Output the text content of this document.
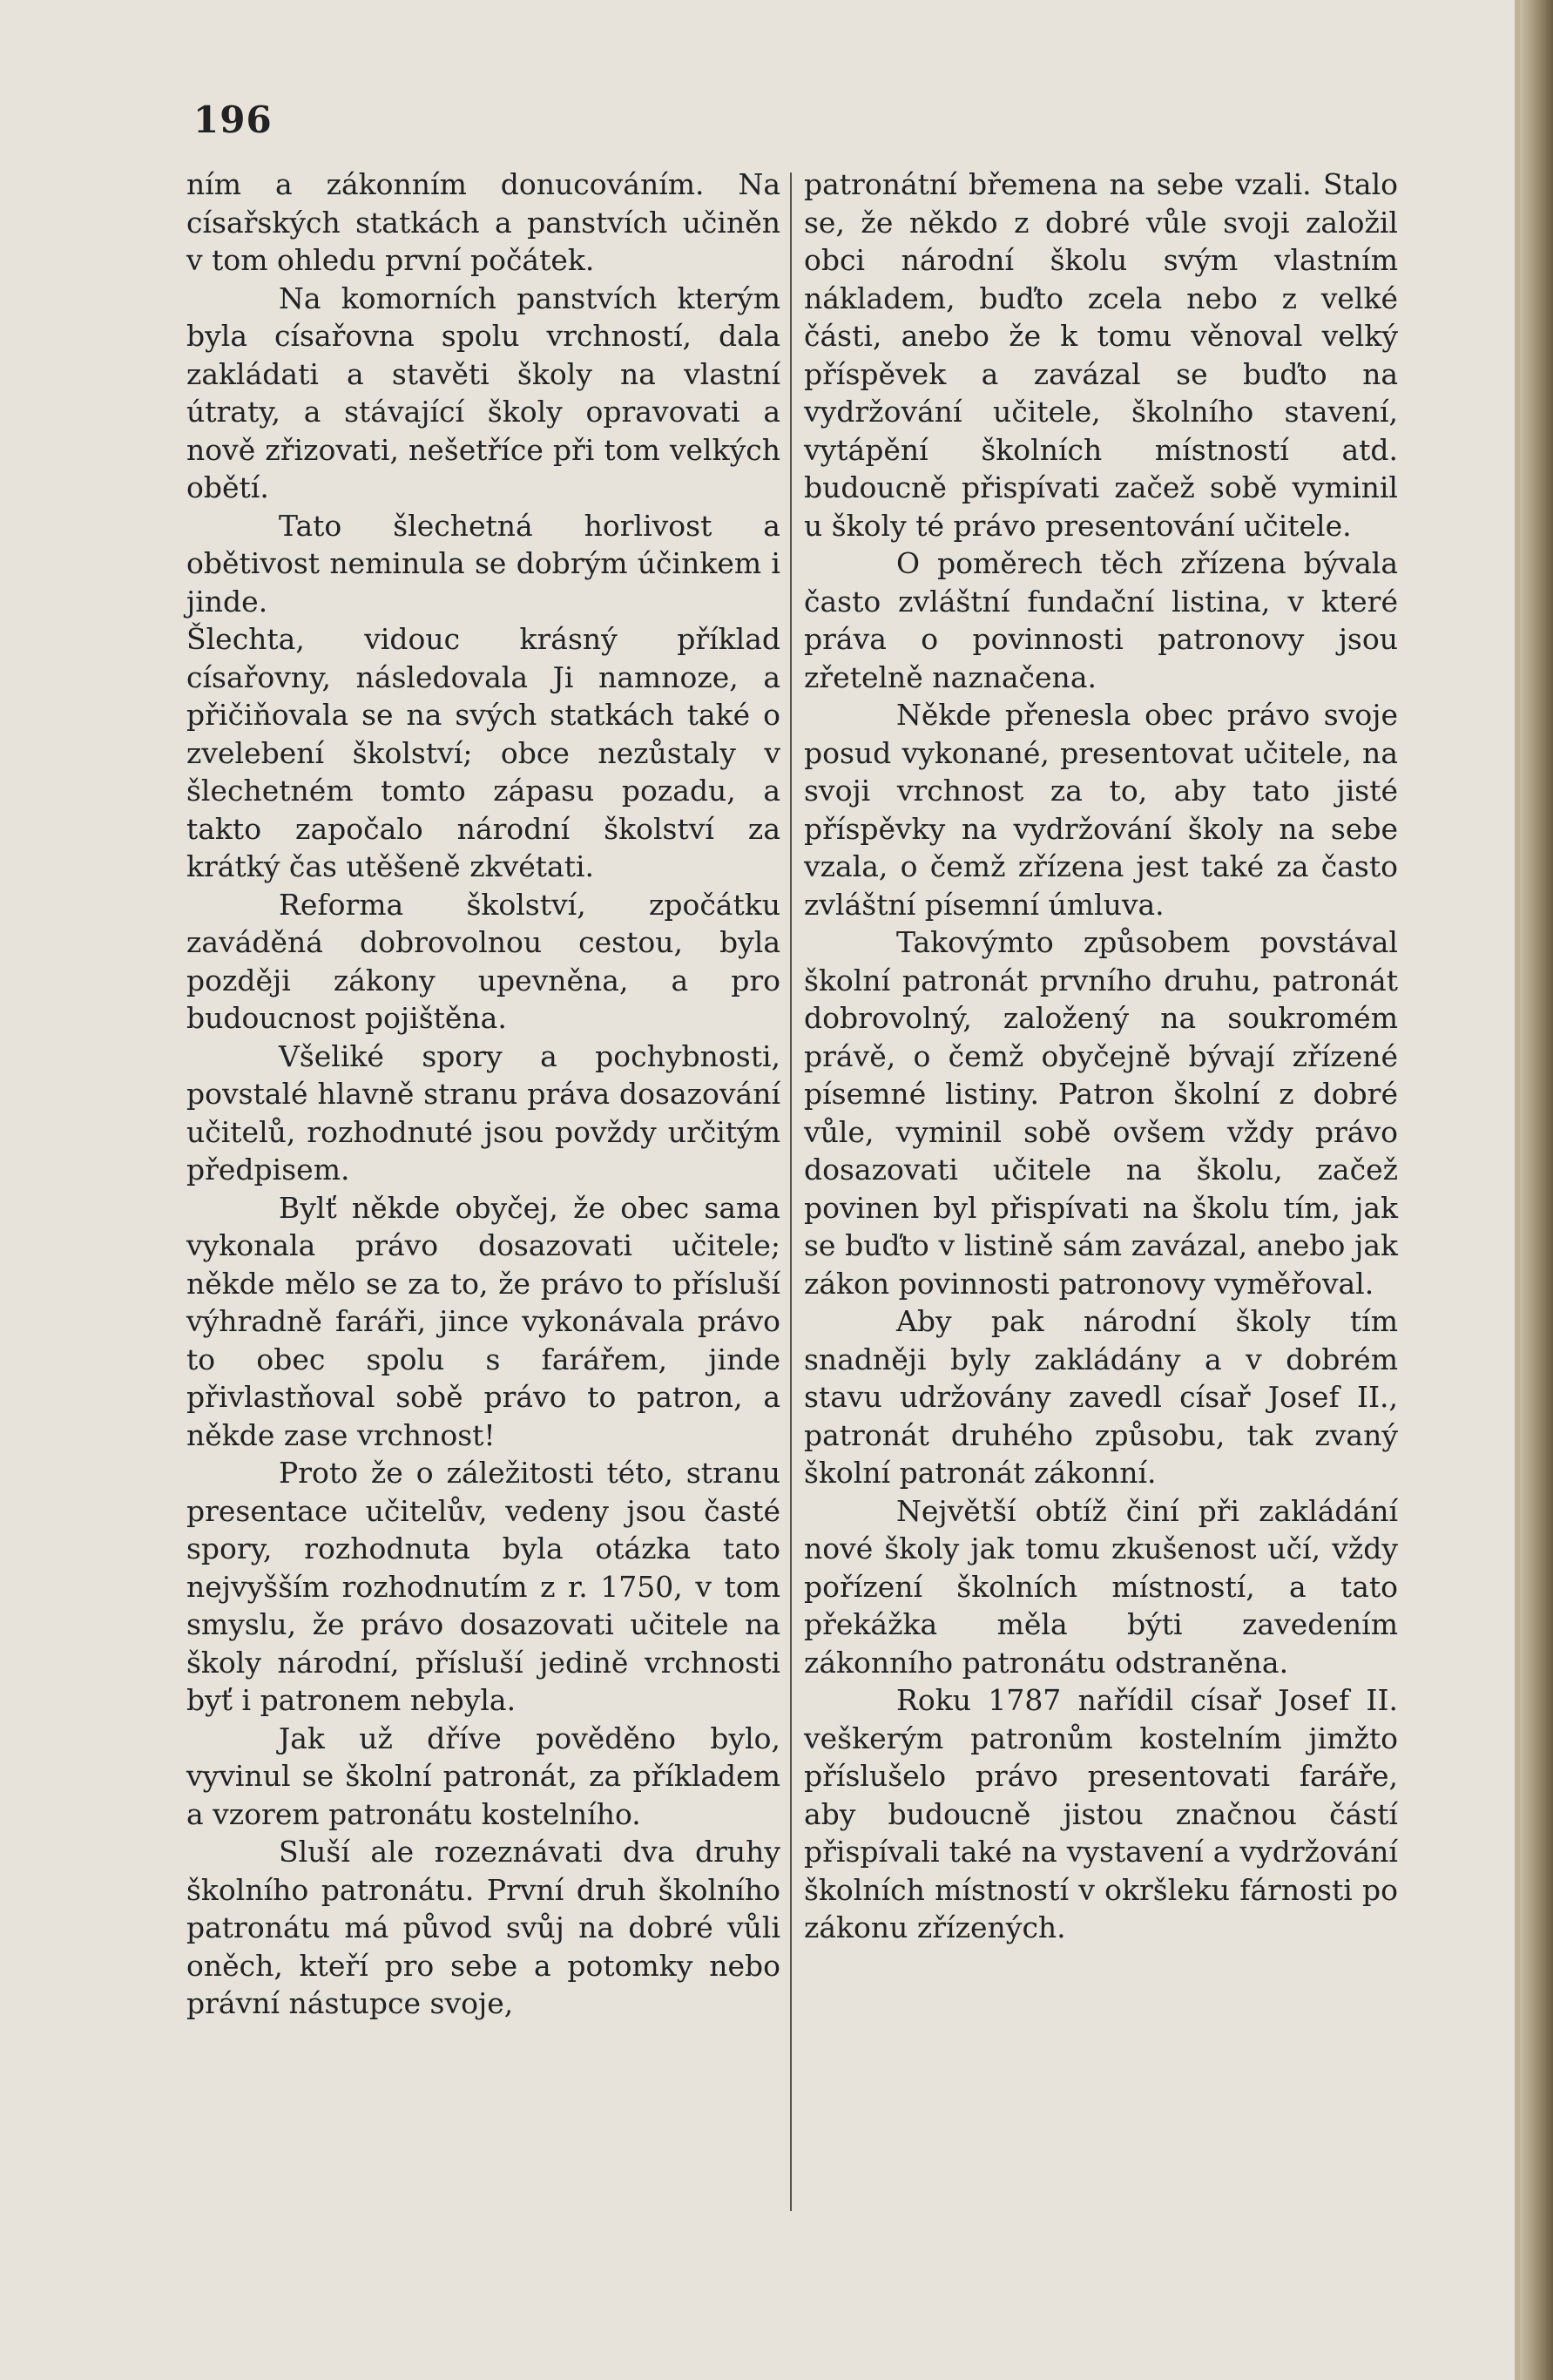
196

ním a zákonním donucováním. Na císařských statkách a panstvích učiněn v tom ohledu první počátek.

Na komorních panstvích kterým byla císařovna spolu vrchností, dala zakládati a stavěti školy na vlastní útraty, a stávající školy opravovati a nově zřizovati, nešetříce při tom velkých obětí.

Tato šlechetná horlivost a obětivost neminula se dobrým účinkem i jinde.

Šlechta, vidouc krásný příklad císařovny, následovala Ji namnoze, a přičiňovala se na svých statkách také o zvelebení školství; obce nezůstaly v šlechetném tomto zápasu pozadu, a takto započalo národní školství za krátký čas utěšeně zkvétati.

Reforma školství, zpočátku zaváděná dobrovolnou cestou, byla později zákony upevněna, a pro budoucnost pojištěna.

Všeliké spory a pochybnosti, povstalé hlavně stranu práva dosazování učitelů, rozhodnuté jsou povždy určitým předpisem.

Bylť někde obyčej, že obec sama vykonala právo dosazovati učitele; někde mělo se za to, že právo to přísluší výhradně faráři, jince vykonávala právo to obec spolu s farářem, jinde přivlastňoval sobě právo to patron, a někde zase vrchnost!

Proto že o záležitosti této, stranu presentace učitelův, vedeny jsou časté spory, rozhodnuta byla otázka tato nejvyšším rozhodnutím z r. 1750, v tom smyslu, že právo dosazovati učitele na školy národní, přísluší jedině vrchnosti byť i patronem nebyla.

Jak už dříve pověděno bylo, vyvinul se školní patronát, za příkladem a vzorem patronátu kostelního.

Sluší ale rozeznávati dva druhy školního patronátu. První druh školního patronátu má původ svůj na dobré vůli oněch, kteří pro sebe a potomky nebo právní nástupce svoje,

patronátní břemena na sebe vzali. Stalo se, že někdo z dobré vůle svoji založil obci národní školu svým vlastním nákladem, buďto zcela nebo z velké části, anebo že k tomu věnoval velký příspěvek a zavázal se buďto na vydržování učitele, školního stavení, vytápění školních místností atd. budoucně přispívati začež sobě vyminil u školy té právo presentování učitele.

O poměrech těch zřízena bývala často zvláštní fundační listina, v které práva o povinnosti patronovy jsou zřetelně naznačena.

Někde přenesla obec právo svoje posud vykonané, presentovat učitele, na svoji vrchnost za to, aby tato jisté příspěvky na vydržování školy na sebe vzala, o čemž zřízena jest také za často zvláštní písemní úmluva.

Takovýmto způsobem povstával školní patronát prvního druhu, patronát dobrovolný, založený na soukromém právě, o čemž obyčejně bývají zřízené písemné listiny. Patron školní z dobré vůle, vyminil sobě ovšem vždy právo dosazovati učitele na školu, začež povinen byl přispívati na školu tím, jak se buďto v listině sám zavázal, anebo jak zákon povinnosti patronovy vyměřoval.

Aby pak národní školy tím snadněji byly zakládány a v dobrém stavu udržovány zavedl císař Josef II., patronát druhého způsobu, tak zvaný školní patronát zákonní.

Největší obtíž činí při zakládání nové školy jak tomu zkušenost učí, vždy pořízení školních místností, a tato překážka měla býti zavedením zákonního patronátu odstraněna.

Roku 1787 nařídil císař Josef II. veškerým patronům kostelním jimžto příslušelo právo presentovati faráře, aby budoucně jistou značnou částí přispívali také na vystavení a vydržování školních místností v okršleku fárnosti po zákonu zřízených.
